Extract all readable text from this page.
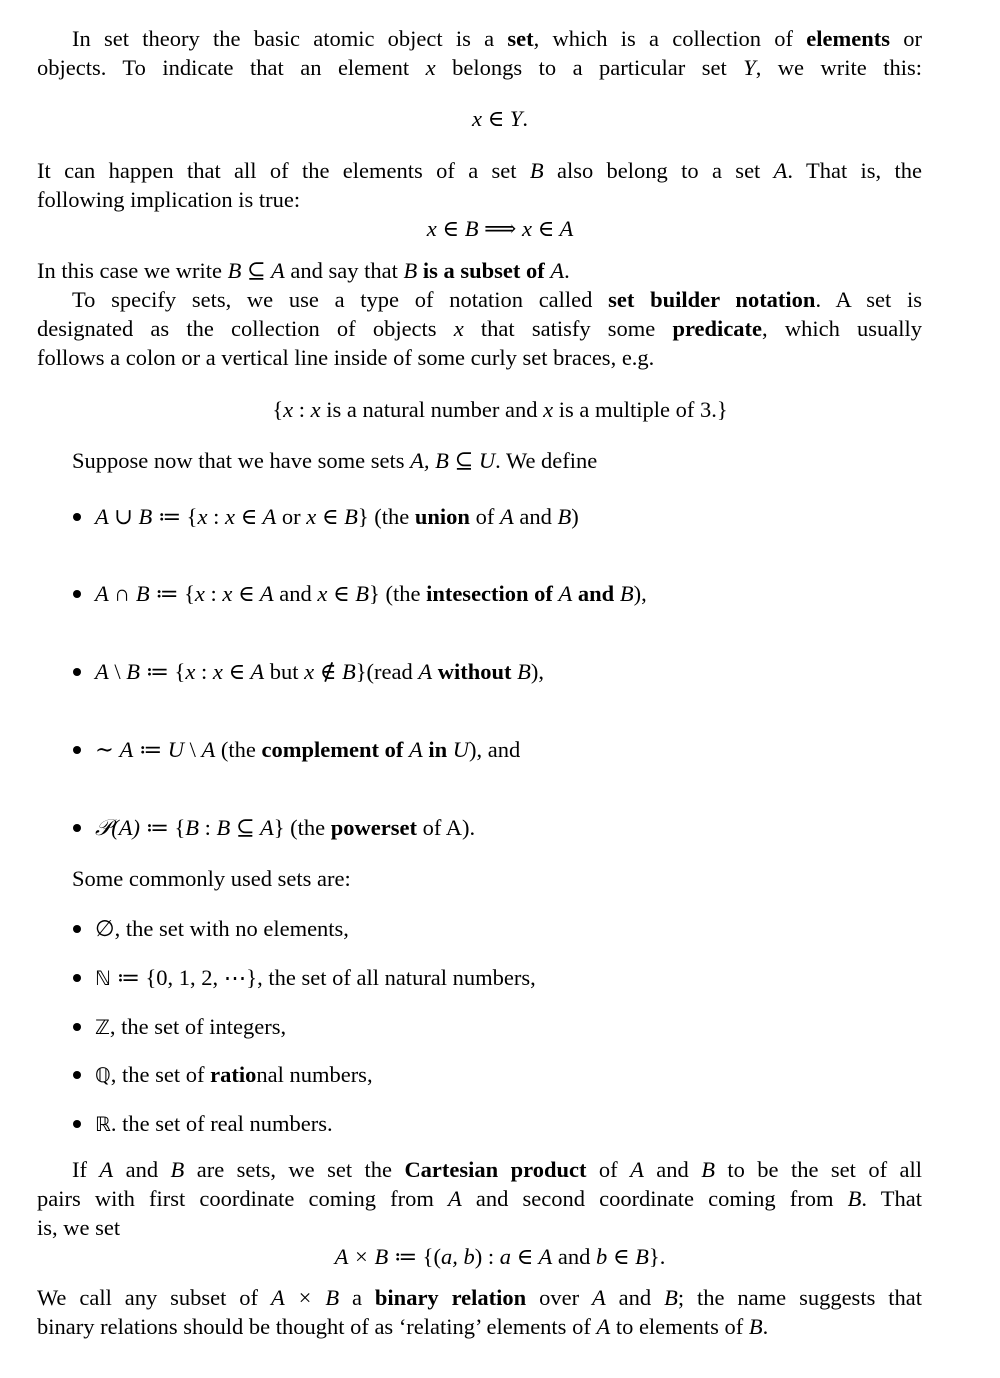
In set theory the basic atomic object is a set, which is a collection of elements or
objects. To indicate that an element x belongs to a particular set Y, we write this:
x ∈ Y.
It can happen that all of the elements of a set B also belong to a set A. That is, the
following implication is true:
x ∈ B ⟹ x ∈ A
In this case we write B ⊆ A and say that B is a subset of A.
To specify sets, we use a type of notation called set builder notation. A set is
designated as the collection of objects x that satisfy some predicate, which usually
follows a colon or a vertical line inside of some curly set braces, e.g.
{x : x is a natural number and x is a multiple of 3.}
Suppose now that we have some sets A, B ⊆ U. We define
A ∪ B ≔ {x : x ∈ A or x ∈ B} (the union of A and B)
A ∩ B ≔ {x : x ∈ A and x ∈ B} (the intesection of A and B),
A \ B ≔ {x : x ∈ A but x ∉ B}(read A without B),
∼ A ≔ U \ A (the complement of A in U), and
𝒫(A) ≔ {B : B ⊆ A} (the powerset of A).
Some commonly used sets are:
∅, the set with no elements,
ℕ ≔ {0, 1, 2, ⋯}, the set of all natural numbers,
ℤ, the set of integers,
ℚ, the set of rational numbers,
ℝ. the set of real numbers.
If A and B are sets, we set the Cartesian product of A and B to be the set of all
pairs with first coordinate coming from A and second coordinate coming from B. That
is, we set
A × B ≔ {(a, b) : a ∈ A and b ∈ B}.
We call any subset of A × B a binary relation over A and B; the name suggests that
binary relations should be thought of as ‘relating’ elements of A to elements of B.
